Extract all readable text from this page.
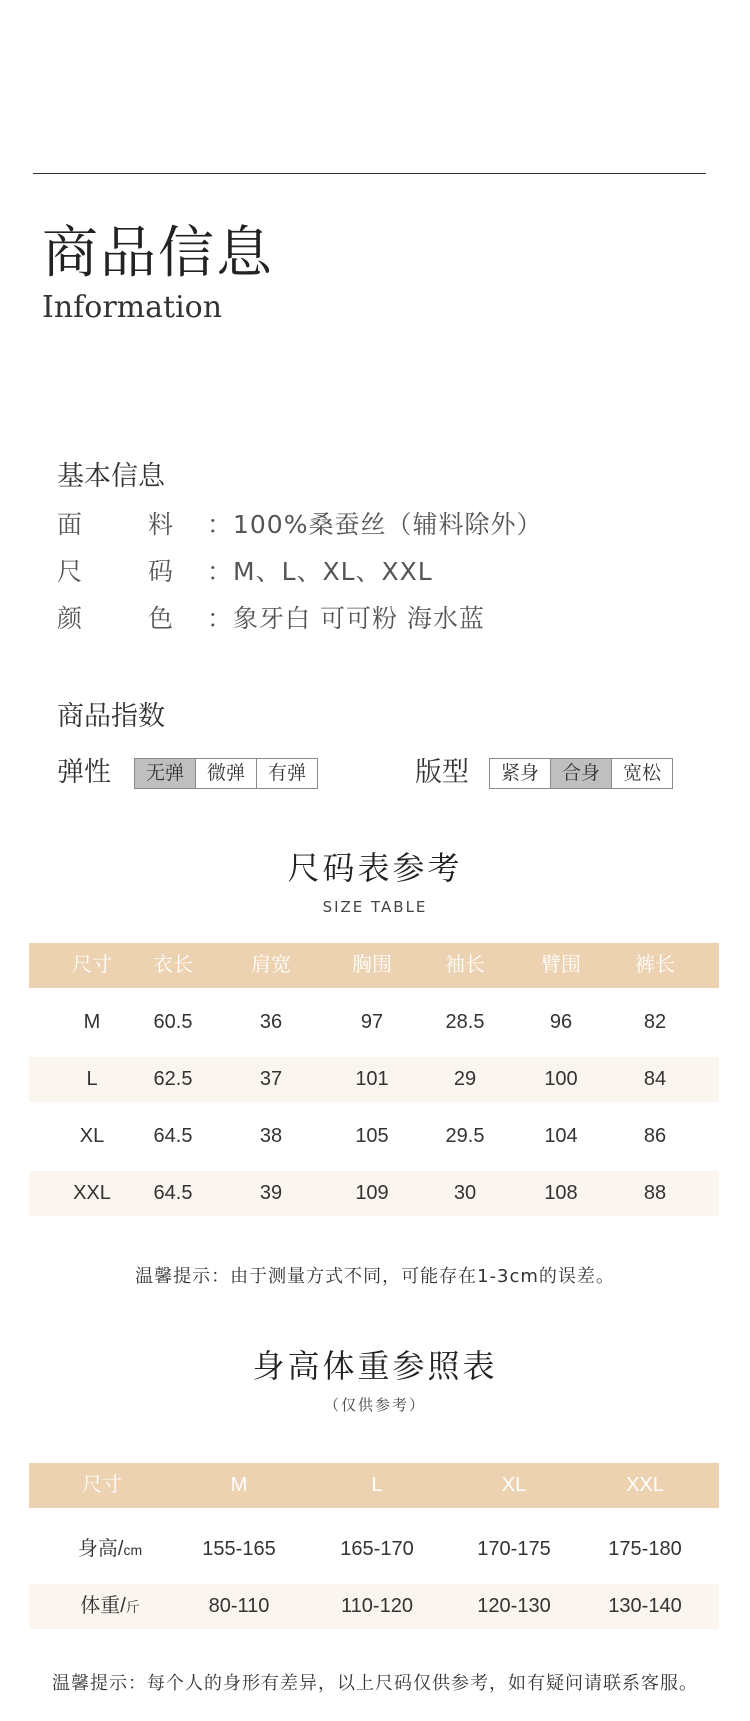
商品信息
Information
基本信息
面	料 ：100%桑蚕丝（辅料除外）
尺	码 ：M、L、XL、XXL
颜	色 ：象牙白 可可粉 海水蓝
商品指数
弹性	无弹	微弹	有弹	版型	紧身	合身	宽松
尺码表参考
SIZE TABLE
尺寸 衣长	肩宽	胸围	袖长	臂围	裤长
M	60.5	36	97	28.5	96	82
L	62.5	37	101	29	100	84
XL 64.5	38	105	29.5	104	86
XXL 64.5	39	109	30	108	88
温馨提示：由于测量方式不同，可能存在1-3cm的误差。
身高体重参照表
（仅供参考）
尺寸	M	L	XL	XXL
身高/cm	155-165	165-170	170-175	175-180
体重/斤	80-110	110-120	120-130	130-140
温馨提示：每个人的身形有差异，以上尺码仅供参考，如有疑问请联系客服。
